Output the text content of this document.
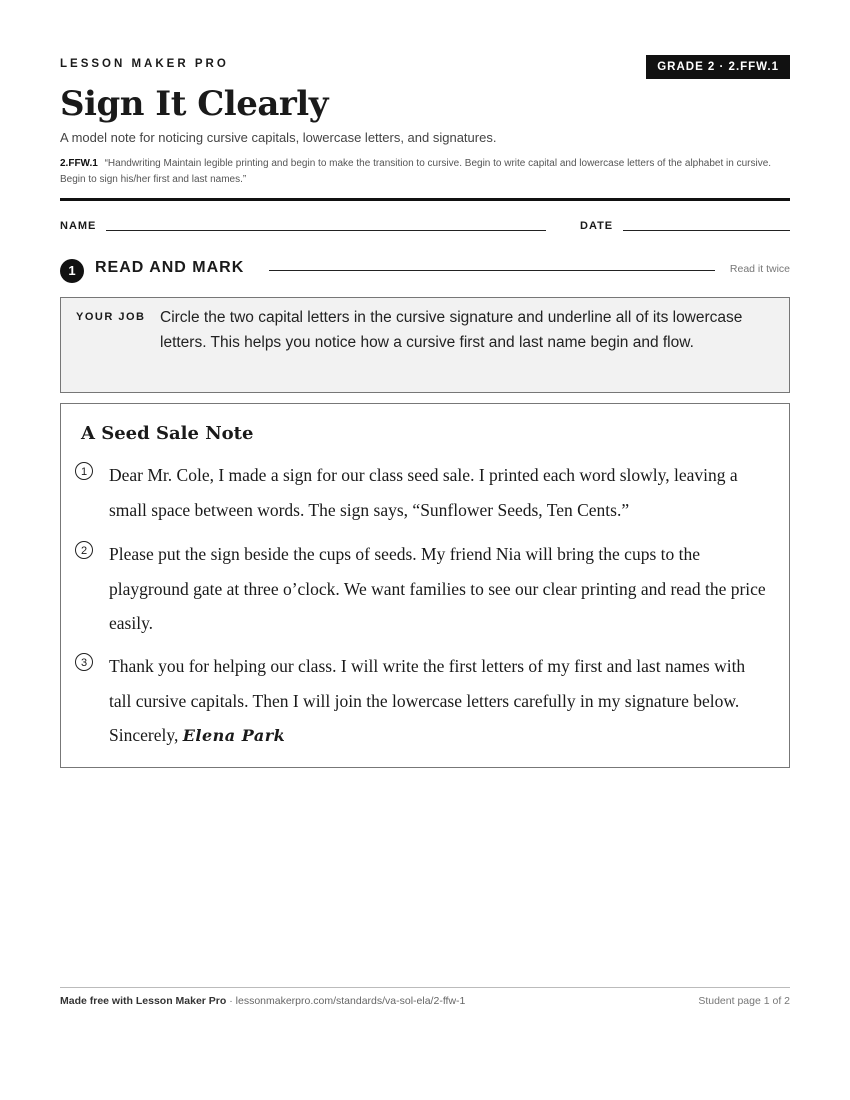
LESSON MAKER PRO	GRADE 2 · 2.FFW.1
Sign It Clearly
A model note for noticing cursive capitals, lowercase letters, and signatures.
2.FFW.1 “Handwriting Maintain legible printing and begin to make the transition to cursive. Begin to write capital and lowercase letters of the alphabet in cursive. Begin to sign his/her first and last names.”
NAME	DATE
1	READ AND MARK	Read it twice
YOUR JOB Circle the two capital letters in the cursive signature and underline all of its lowercase letters. This helps you notice how a cursive first and last name begin and flow.
A Seed Sale Note
1	Dear Mr. Cole, I made a sign for our class seed sale. I printed each word slowly, leaving a small space between words. The sign says, “Sunflower Seeds, Ten Cents.”
2	Please put the sign beside the cups of seeds. My friend Nia will bring the cups to the playground gate at three o’clock. We want families to see our clear printing and read the price easily.
3	Thank you for helping our class. I will write the first letters of my first and last names with tall cursive capitals. Then I will join the lowercase letters carefully in my signature below. Sincerely, Elena Park
Made free with Lesson Maker Pro · lessonmakerpro.com/standards/va-sol-ela/2-ffw-1	Student page 1 of 2
